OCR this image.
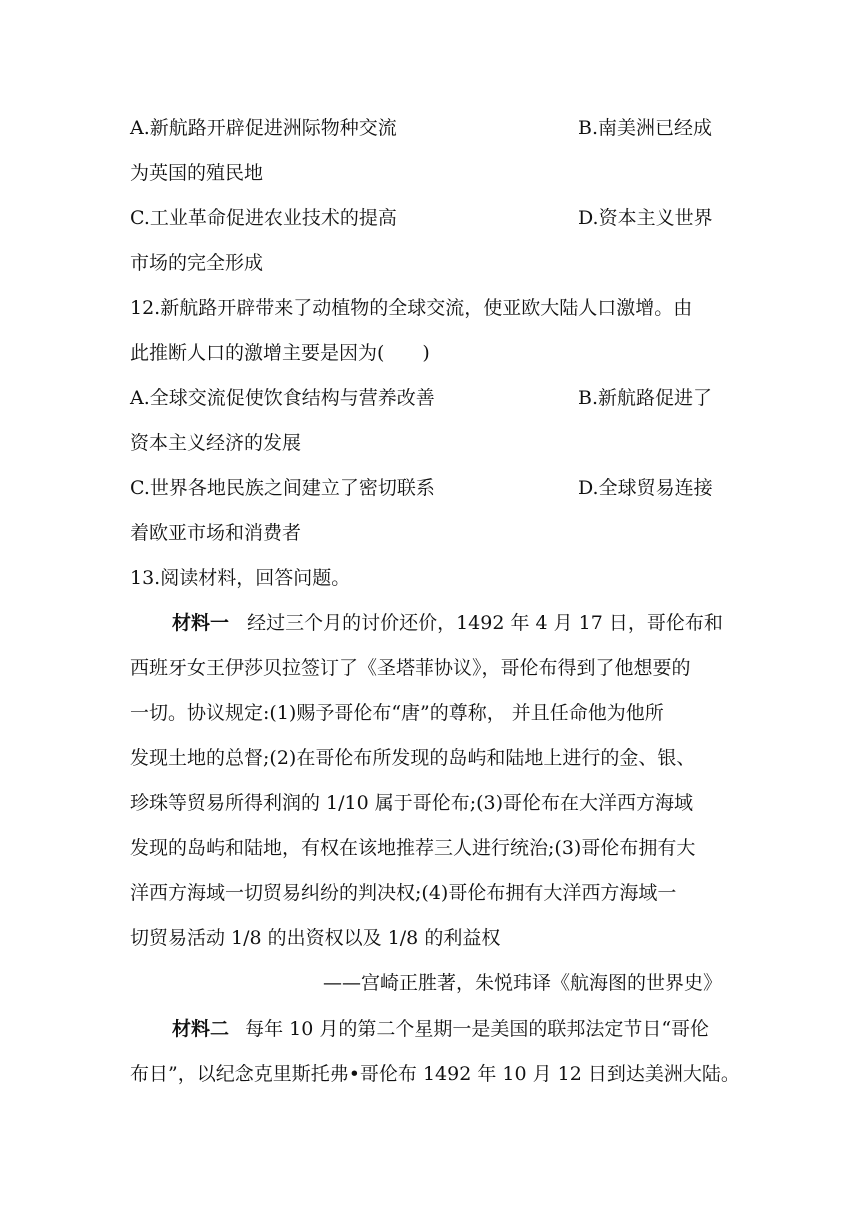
A.新航路开辟促进洲际物种交流	B.南美洲已经成
为英国的殖民地
C.工业革命促进农业技术的提高	D.资本主义世界
市场的完全形成
12.新航路开辟带来了动植物的全球交流，使亚欧大陆人口激增。由
此推断人口的激增主要是因为(　　)
A.全球交流促使饮食结构与营养改善	B.新航路促进了
资本主义经济的发展
C.世界各地民族之间建立了密切联系	D.全球贸易连接
着欧亚市场和消费者
13.阅读材料，回答问题。
材料一 经过三个月的讨价还价，1492 年 4 月 17 日，哥伦布和
西班牙女王伊莎贝拉签订了《圣塔菲协议》，哥伦布得到了他想要的
一切。协议规定:(1)赐予哥伦布“唐”的尊称， 并且任命他为他所
发现土地的总督;(2)在哥伦布所发现的岛屿和陆地上进行的金、银、
珍珠等贸易所得利润的 1/10 属于哥伦布;(3)哥伦布在大洋西方海域
发现的岛屿和陆地，有权在该地推荐三人进行统治;(3)哥伦布拥有大
洋西方海域一切贸易纠纷的判决权;(4)哥伦布拥有大洋西方海域一
切贸易活动 1/8 的出资权以及 1/8 的利益权
——宫崎正胜著，朱悦玮译《航海图的世界史》
材料二 每年 10 月的第二个星期一是美国的联邦法定节日“哥伦
布日”，以纪念克里斯托弗•哥伦布 1492 年 10 月 12 日到达美洲大陆。
